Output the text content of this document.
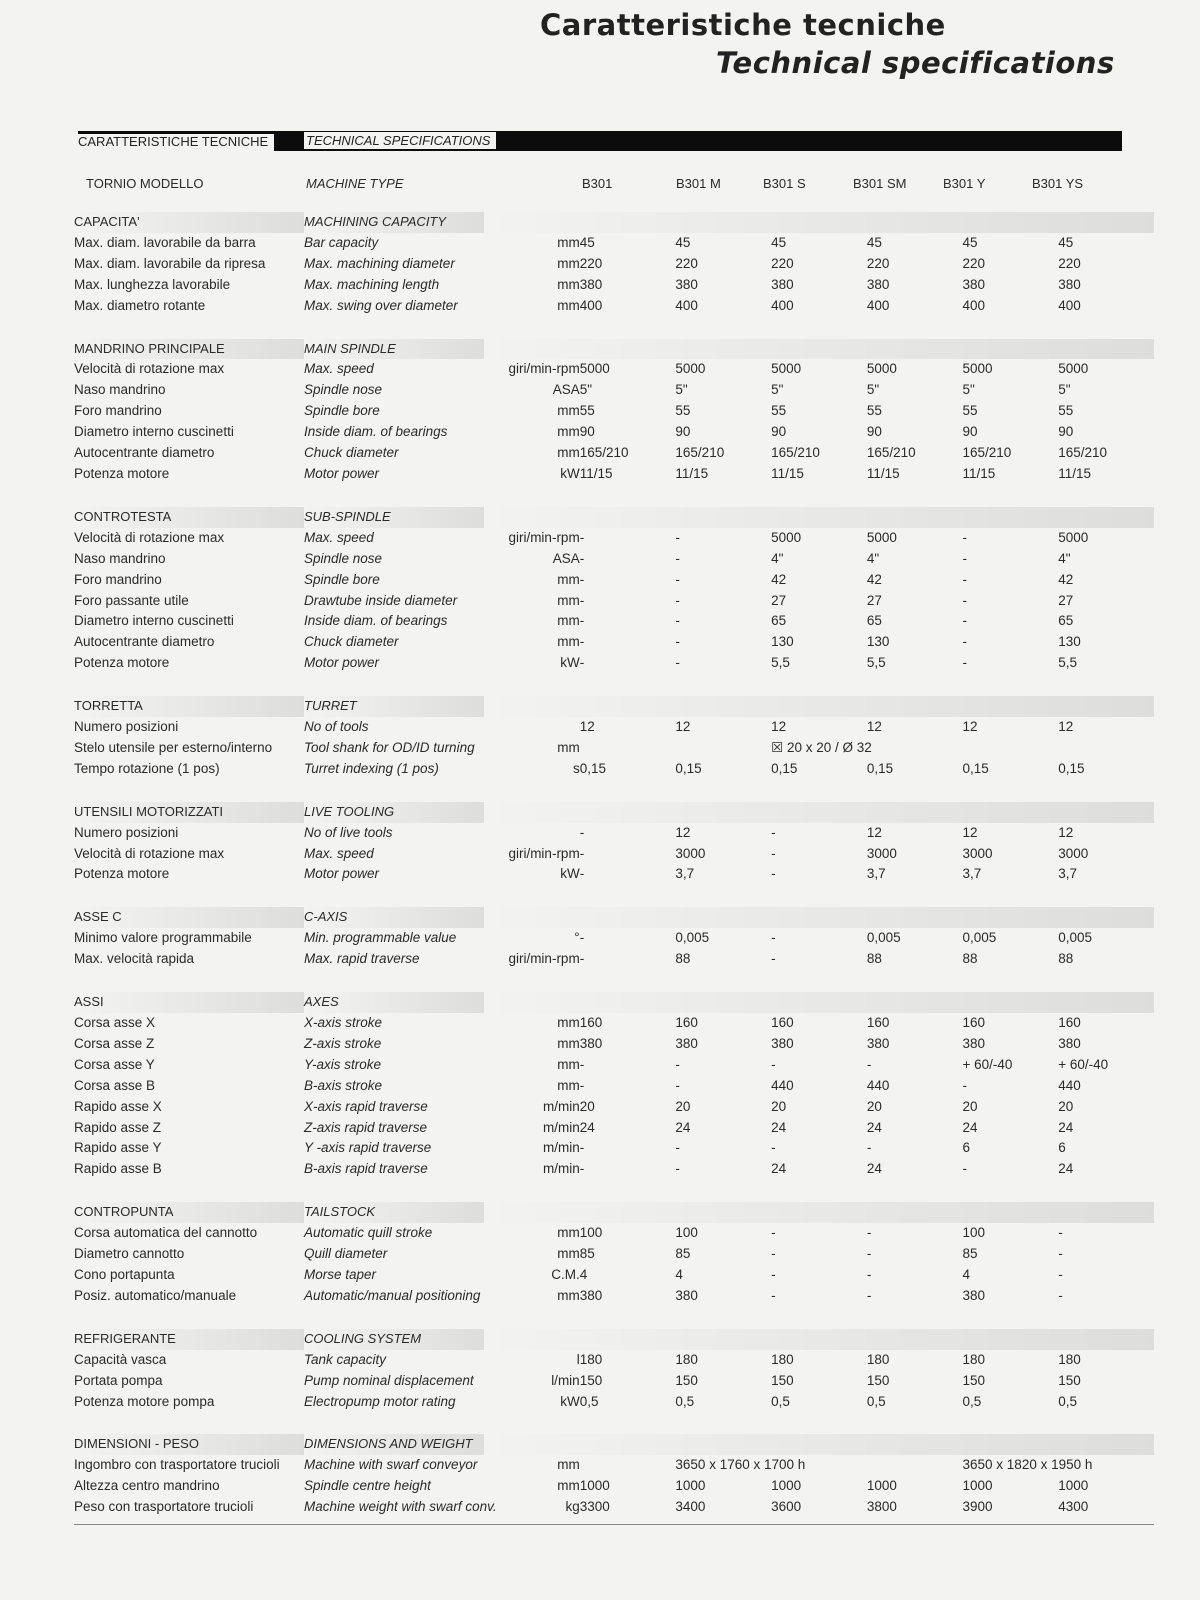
Caratteristiche tecniche
Technical specifications
CARATTERISTICHE TECNICHE	TECHNICAL SPECIFICATIONS
TORNIO MODELLO	MACHINE TYPE	B301	B301 M	B301 S	B301 SM	B301 Y	B301 YS
CAPACITA'	MACHINING CAPACITY							
Max. diam. lavorabile da barra	Bar capacity	mm	45	45	45	45	45	45
Max. diam. lavorabile da ripresa	Max. machining diameter	mm	220	220	220	220	220	220
Max. lunghezza lavorabile	Max. machining length	mm	380	380	380	380	380	380
Max. diametro rotante	Max. swing over diameter	mm	400	400	400	400	400	400

MANDRINO PRINCIPALE	MAIN SPINDLE							
Velocità di rotazione max	Max. speed	giri/min-rpm	5000	5000	5000	5000	5000	5000
Naso mandrino	Spindle nose	ASA	5"	5"	5"	5"	5"	5"
Foro mandrino	Spindle bore	mm	55	55	55	55	55	55
Diametro interno cuscinetti	Inside diam. of bearings	mm	90	90	90	90	90	90
Autocentrante diametro	Chuck diameter	mm	165/210	165/210	165/210	165/210	165/210	165/210
Potenza motore	Motor power	kW	11/15	11/15	11/15	11/15	11/15	11/15

CONTROTESTA	SUB-SPINDLE							
Velocità di rotazione max	Max. speed	giri/min-rpm	-	-	5000	5000	-	5000
Naso mandrino	Spindle nose	ASA	-	-	4"	4"	-	4"
Foro mandrino	Spindle bore	mm	-	-	42	42	-	42
Foro passante utile	Drawtube inside diameter	mm	-	-	27	27	-	27
Diametro interno cuscinetti	Inside diam. of bearings	mm	-	-	65	65	-	65
Autocentrante diametro	Chuck diameter	mm	-	-	130	130	-	130
Potenza motore	Motor power	kW	-	-	5,5	5,5	-	5,5

TORRETTA	TURRET							
Numero posizioni	No of tools		12	12	12	12	12	12
Stelo utensile per esterno/interno	Tool shank for OD/ID turning	mm			☒ 20 x 20 / Ø 32			
Tempo rotazione (1 pos)	Turret indexing (1 pos)	s	0,15	0,15	0,15	0,15	0,15	0,15

UTENSILI MOTORIZZATI	LIVE TOOLING							
Numero posizioni	No of live tools		-	12	-	12	12	12
Velocità di rotazione max	Max. speed	giri/min-rpm	-	3000	-	3000	3000	3000
Potenza motore	Motor power	kW	-	3,7	-	3,7	3,7	3,7

ASSE C	C-AXIS							
Minimo valore programmabile	Min. programmable value	°	-	0,005	-	0,005	0,005	0,005
Max. velocità rapida	Max. rapid traverse	giri/min-rpm	-	88	-	88	88	88

ASSI	AXES							
Corsa asse X	X-axis stroke	mm	160	160	160	160	160	160
Corsa asse Z	Z-axis stroke	mm	380	380	380	380	380	380
Corsa asse Y	Y-axis stroke	mm	-	-	-	-	+ 60/-40	+ 60/-40
Corsa asse B	B-axis stroke	mm	-	-	440	440	-	440
Rapido asse X	X-axis rapid traverse	m/min	20	20	20	20	20	20
Rapido asse Z	Z-axis rapid traverse	m/min	24	24	24	24	24	24
Rapido asse Y	Y -axis rapid traverse	m/min	-	-	-	-	6	6
Rapido asse B	B-axis rapid traverse	m/min	-	-	24	24	-	24

CONTROPUNTA	TAILSTOCK							
Corsa automatica del cannotto	Automatic quill stroke	mm	100	100	-	-	100	-
Diametro cannotto	Quill diameter	mm	85	85	-	-	85	-
Cono portapunta	Morse taper	C.M.	4	4	-	-	4	-
Posiz. automatico/manuale	Automatic/manual positioning	mm	380	380	-	-	380	-

REFRIGERANTE	COOLING SYSTEM							
Capacità vasca	Tank capacity	l	180	180	180	180	180	180
Portata pompa	Pump nominal displacement	l/min	150	150	150	150	150	150
Potenza motore pompa	Electropump motor rating	kW	0,5	0,5	0,5	0,5	0,5	0,5

DIMENSIONI - PESO	DIMENSIONS AND WEIGHT							
Ingombro con trasportatore trucioli	Machine with swarf conveyor	mm		3650 x 1760 x 1700 h			3650 x 1820 x 1950 h	
Altezza centro mandrino	Spindle centre height	mm	1000	1000	1000	1000	1000	1000
Peso con trasportatore trucioli	Machine weight with swarf conv.	kg	3300	3400	3600	3800	3900	4300
